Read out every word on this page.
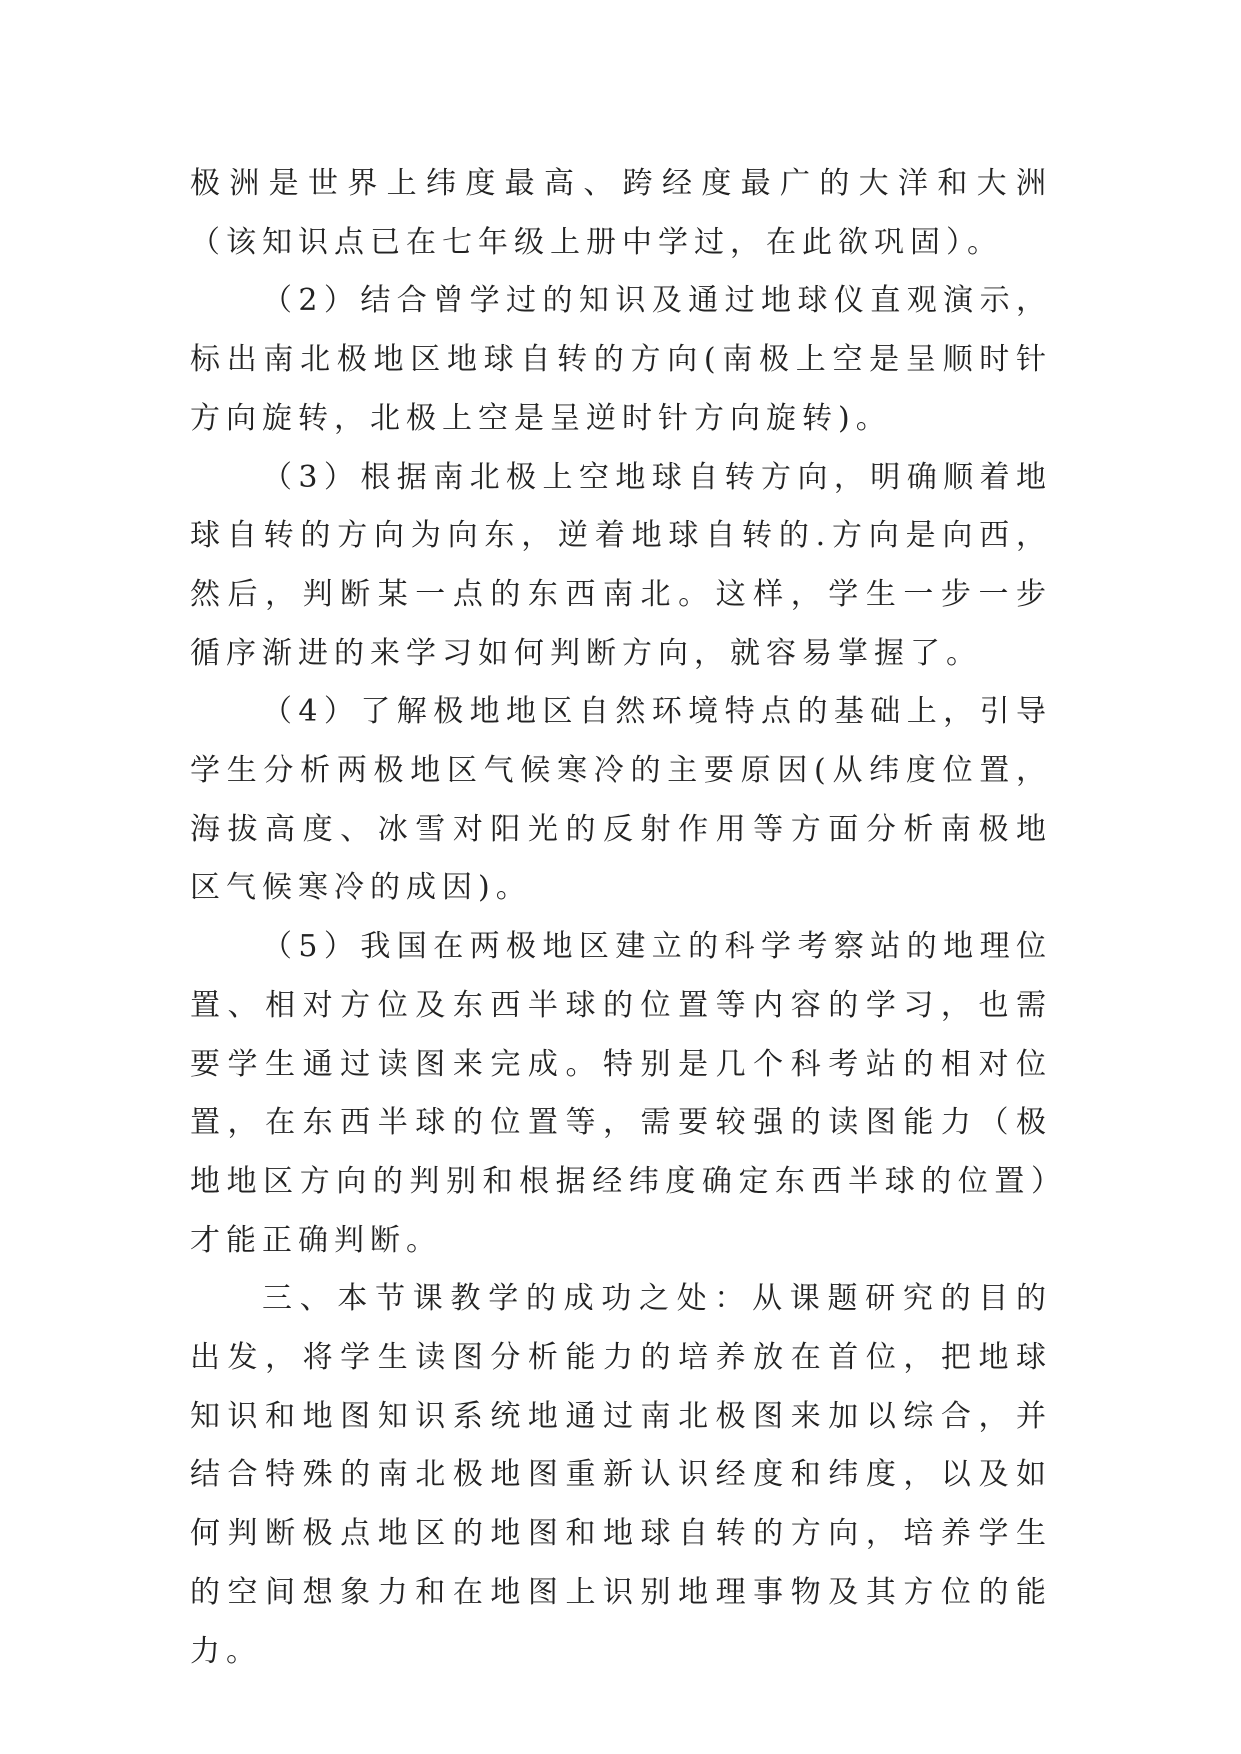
极洲是世界上纬度最高、跨经度最广的大洋和大洲（该知识点已在七年级上册中学过，在此欲巩固）。

（2）结合曾学过的知识及通过地球仪直观演示，标出南北极地区地球自转的方向(南极上空是呈顺时针方向旋转，北极上空是呈逆时针方向旋转)。

（3）根据南北极上空地球自转方向，明确顺着地球自转的方向为向东，逆着地球自转的.方向是向西，然后，判断某一点的东西南北。这样，学生一步一步循序渐进的来学习如何判断方向，就容易掌握了。

（4）了解极地地区自然环境特点的基础上，引导学生分析两极地区气候寒冷的主要原因(从纬度位置，海拔高度、冰雪对阳光的反射作用等方面分析南极地区气候寒冷的成因)。

（5）我国在两极地区建立的科学考察站的地理位置、相对方位及东西半球的位置等内容的学习，也需要学生通过读图来完成。特别是几个科考站的相对位置，在东西半球的位置等，需要较强的读图能力（极地地区方向的判别和根据经纬度确定东西半球的位置）才能正确判断。

三、本节课教学的成功之处：从课题研究的目的出发，将学生读图分析能力的培养放在首位，把地球知识和地图知识系统地通过南北极图来加以综合，并结合特殊的南北极地图重新认识经度和纬度，以及如何判断极点地区的地图和地球自转的方向，培养学生的空间想象力和在地图上识别地理事物及其方位的能力。
